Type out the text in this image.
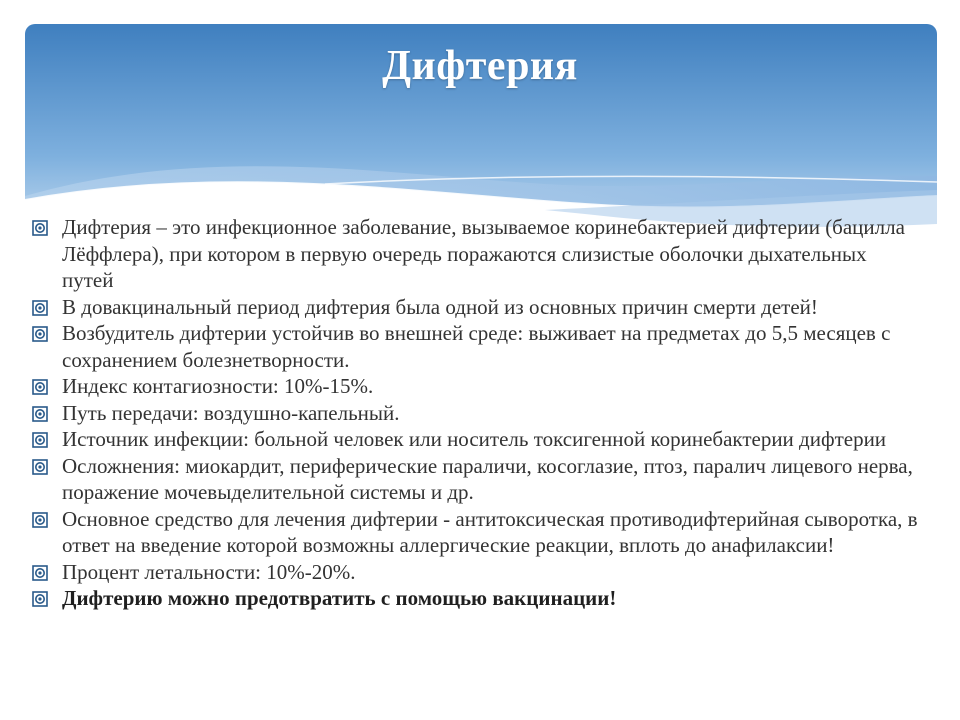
Дифтерия
Дифтерия – это инфекционное заболевание, вызываемое коринебактерией дифтерии (бацилла Лёффлера), при котором в первую очередь поражаются слизистые оболочки дыхательных путей
В довакцинальный период дифтерия была одной из основных причин смерти детей!
Возбудитель дифтерии устойчив во внешней среде: выживает на предметах до 5,5 месяцев с сохранением болезнетворности.
Индекс контагиозности: 10%-15%.
Путь передачи: воздушно-капельный.
Источник инфекции: больной человек или носитель токсигенной коринебактерии дифтерии
Осложнения: миокардит, периферические параличи, косоглазие, птоз, паралич лицевого нерва, поражение мочевыделительной системы и др.
Основное средство для лечения дифтерии - антитоксическая противодифтерийная сыворотка, в ответ на введение которой возможны аллергические реакции, вплоть до анафилаксии!
Процент летальности: 10%-20%.
Дифтерию можно предотвратить с помощью вакцинации!
